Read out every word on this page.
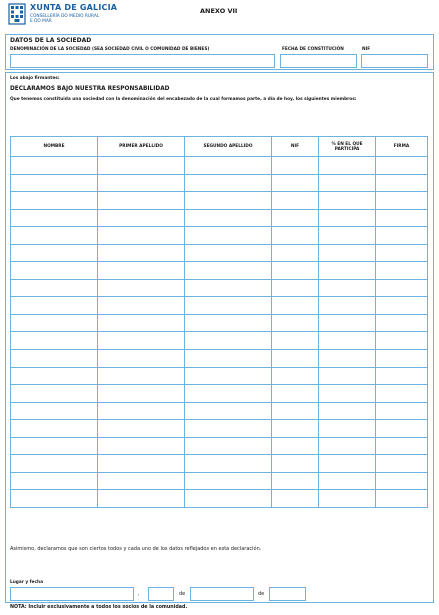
XUNTA DE GALICIA
CONSELLERÍA DO MEDIO RURAL
E DO MAR
ANEXO VII
DATOS DE LA SOCIEDAD
DENOMINACIÓN DE LA SOCIEDAD (SEA SOCIEDAD CIVIL O COMUNIDAD DE BIENES)	FECHA DE CONSTITUCIÓN	NIF
Los abajo firmantes:
DECLARAMOS BAJO NUESTRA RESPONSABILIDAD
Que tenemos constituida una sociedad con la denominación del encabezado de la cual formamos parte, a día de hoy, los siguientes miembros:
NOMBRE	PRIMER APELLIDO	SEGUNDO APELLIDO	NIF	% EN EL QUE PARTICIPA	FIRMA

Asimismo, declaramos que son ciertos todos y cada uno de los datos reflejados en esta declaración.
Lugar y fecha
,	de	de
NOTA: Incluir exclusivamente a todos los socios de la comunidad.
